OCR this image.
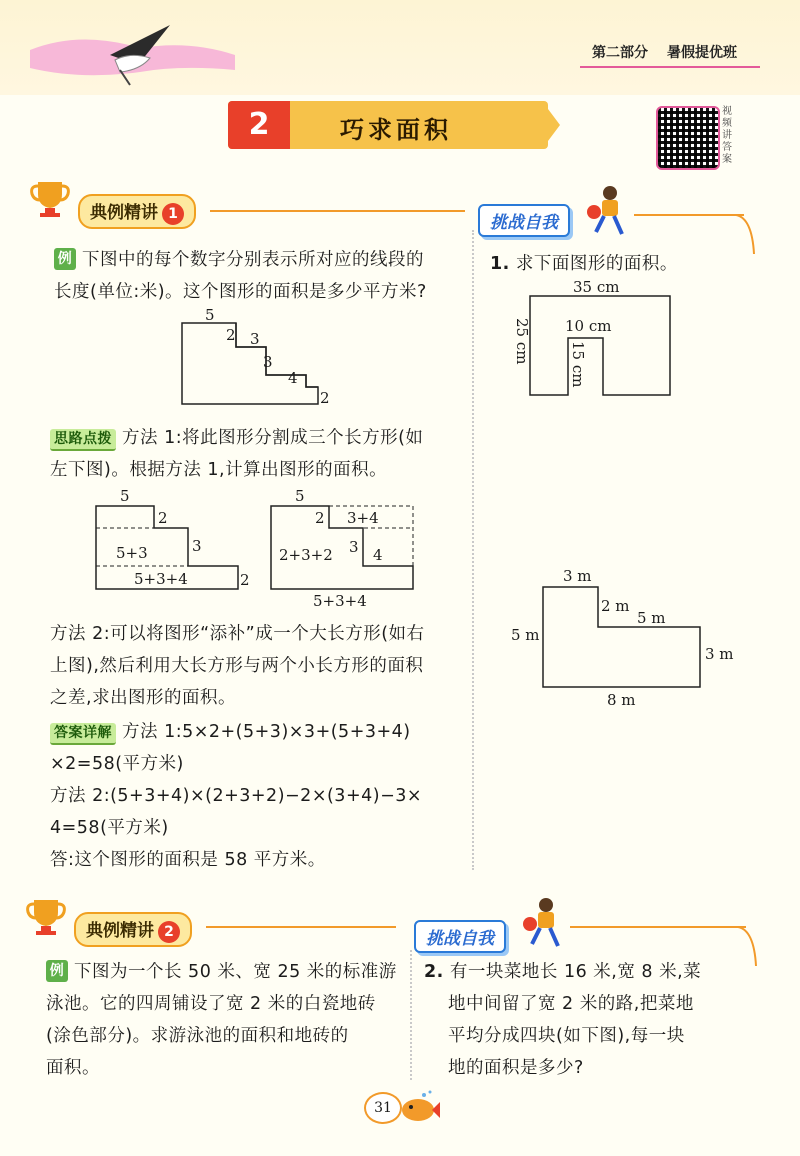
第二部分 暑假提优班
2	巧求面积
视频讲答案
典例精讲 1
例 下图中的每个数字分别表示所对应的线段的
长度(单位:米)。这个图形的面积是多少平方米?
5
2 3
3
4
2
思路点拨 方法 1:将此图形分割成三个长方形(如
左下图)。根据方法 1,计算出图形的面积。
5
2
5+3	3
5+3+4	2
5
2 3+4
2+3+2 3 4
5+3+4
方法 2:可以将图形“添补”成一个大长方形(如右
上图),然后利用大长方形与两个小长方形的面积
之差,求出图形的面积。
答案详解 方法 1:5×2+(5+3)×3+(5+3+4)
×2=58(平方米)
方法 2:(5+3+4)×(2+3+2)−2×(3+4)−3×
4=58(平方米)
答:这个图形的面积是 58 平方米。
挑战自我
1. 求下面图形的面积。
35 cm
25 cm 10 cm
15 cm
3 m
2 m
5 m
5 m
3 m
8 m
典例精讲 2
例 下图为一个长 50 米、宽 25 米的标准游
泳池。它的四周铺设了宽 2 米的白瓷地砖
(涂色部分)。求游泳池的面积和地砖的
面积。
挑战自我
2. 有一块菜地长 16 米,宽 8 米,菜
地中间留了宽 2 米的路,把菜地
平均分成四块(如下图),每一块
地的面积是多少?
31
